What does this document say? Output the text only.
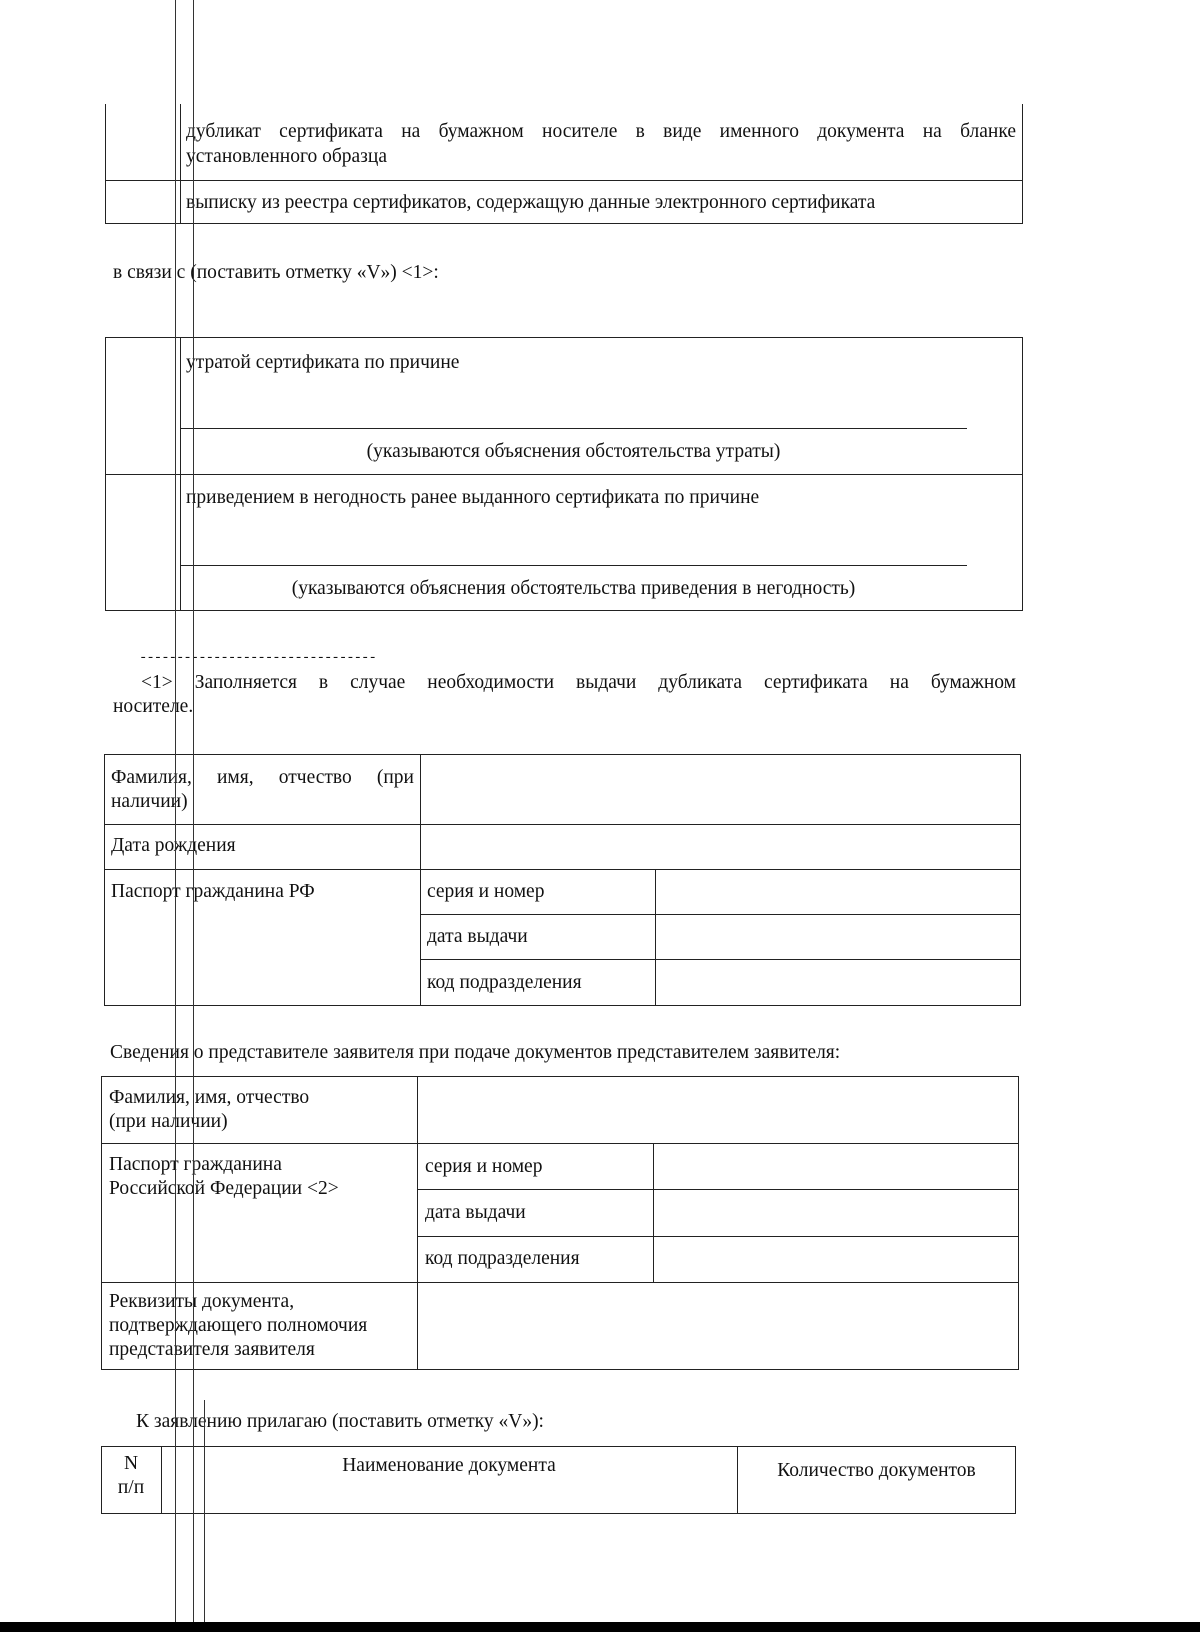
дубликат сертификата на бумажном носителе в виде именного документа на бланке
установленного образца
выписку из реестра сертификатов, содержащую данные электронного сертификата
в связи с (поставить отметку «V») <1>:
утратой сертификата по причине
(указываются объяснения обстоятельства утраты)
приведением в негодность ранее выданного сертификата по причине
(указываются объяснения обстоятельства приведения в негодность)
--------------------------------
<1> Заполняется в случае необходимости выдачи дубликата сертификата на бумажном
носителе.
Фамилия, имя, отчество (при
наличии)
Дата рождения
Паспорт гражданина РФ	серия и номер
дата выдачи
код подразделения
Сведения о представителе заявителя при подаче документов представителем заявителя:
Фамилия, имя, отчество
(при наличии)
Паспорт гражданина
Российской Федерации <2>
серия и номер
дата выдачи
код подразделения
Реквизиты документа,
подтверждающего полномочия
представителя заявителя
К заявлению прилагаю (поставить отметку «V»):
N
п/п
Наименование документа	Количество документов
